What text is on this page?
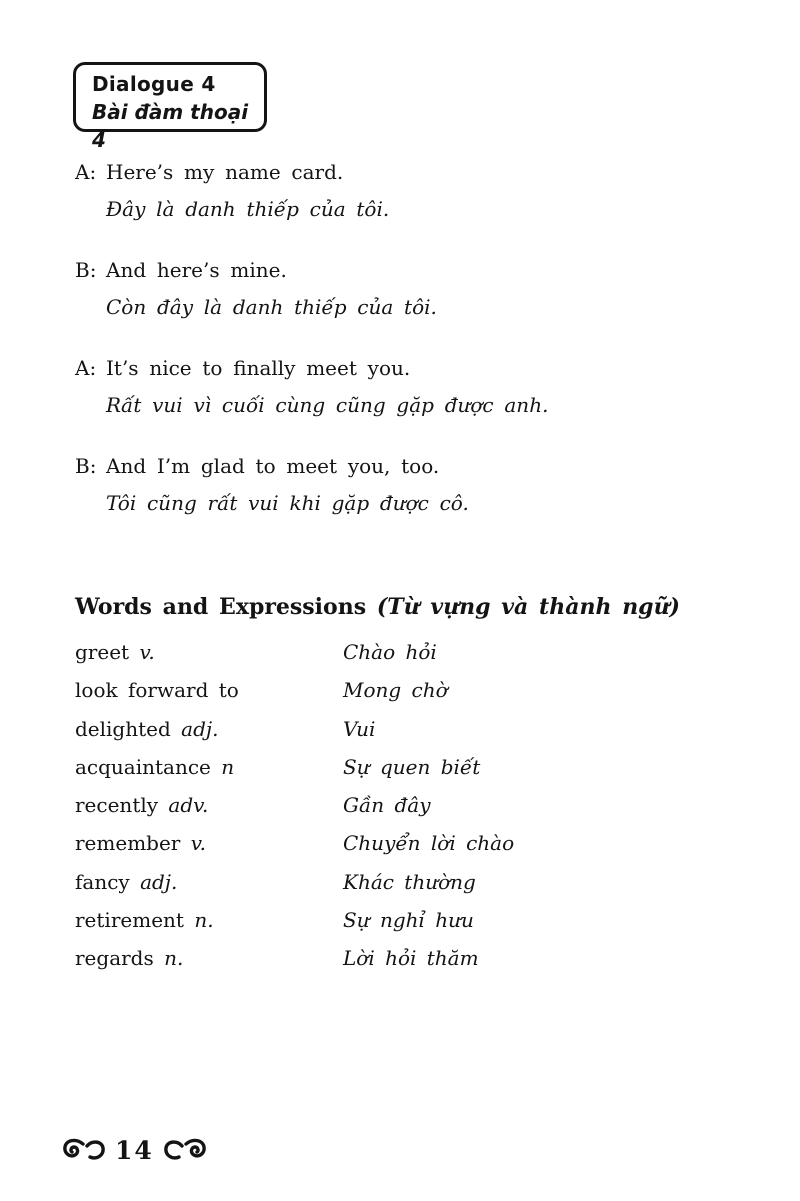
Dialogue 4
Bài đàm thoại 4
A: Here’s my name card.
Đây là danh thiếp của tôi.
B: And here’s mine.
Còn đây là danh thiếp của tôi.
A: It’s nice to finally meet you.
Rất vui vì cuối cùng cũng gặp được anh.
B: And I’m glad to meet you, too.
Tôi cũng rất vui khi gặp được cô.
Words and Expressions (Từ vựng và thành ngữ)
greet v.	Chào hỏi
look forward to	Mong chờ
delighted adj.	Vui
acquaintance n	Sự quen biết
recently adv.	Gần đây
remember v.	Chuyển lời chào
fancy adj.	Khác thường
retirement n.	Sự nghỉ hưu
regards n.	Lời hỏi thăm
14
